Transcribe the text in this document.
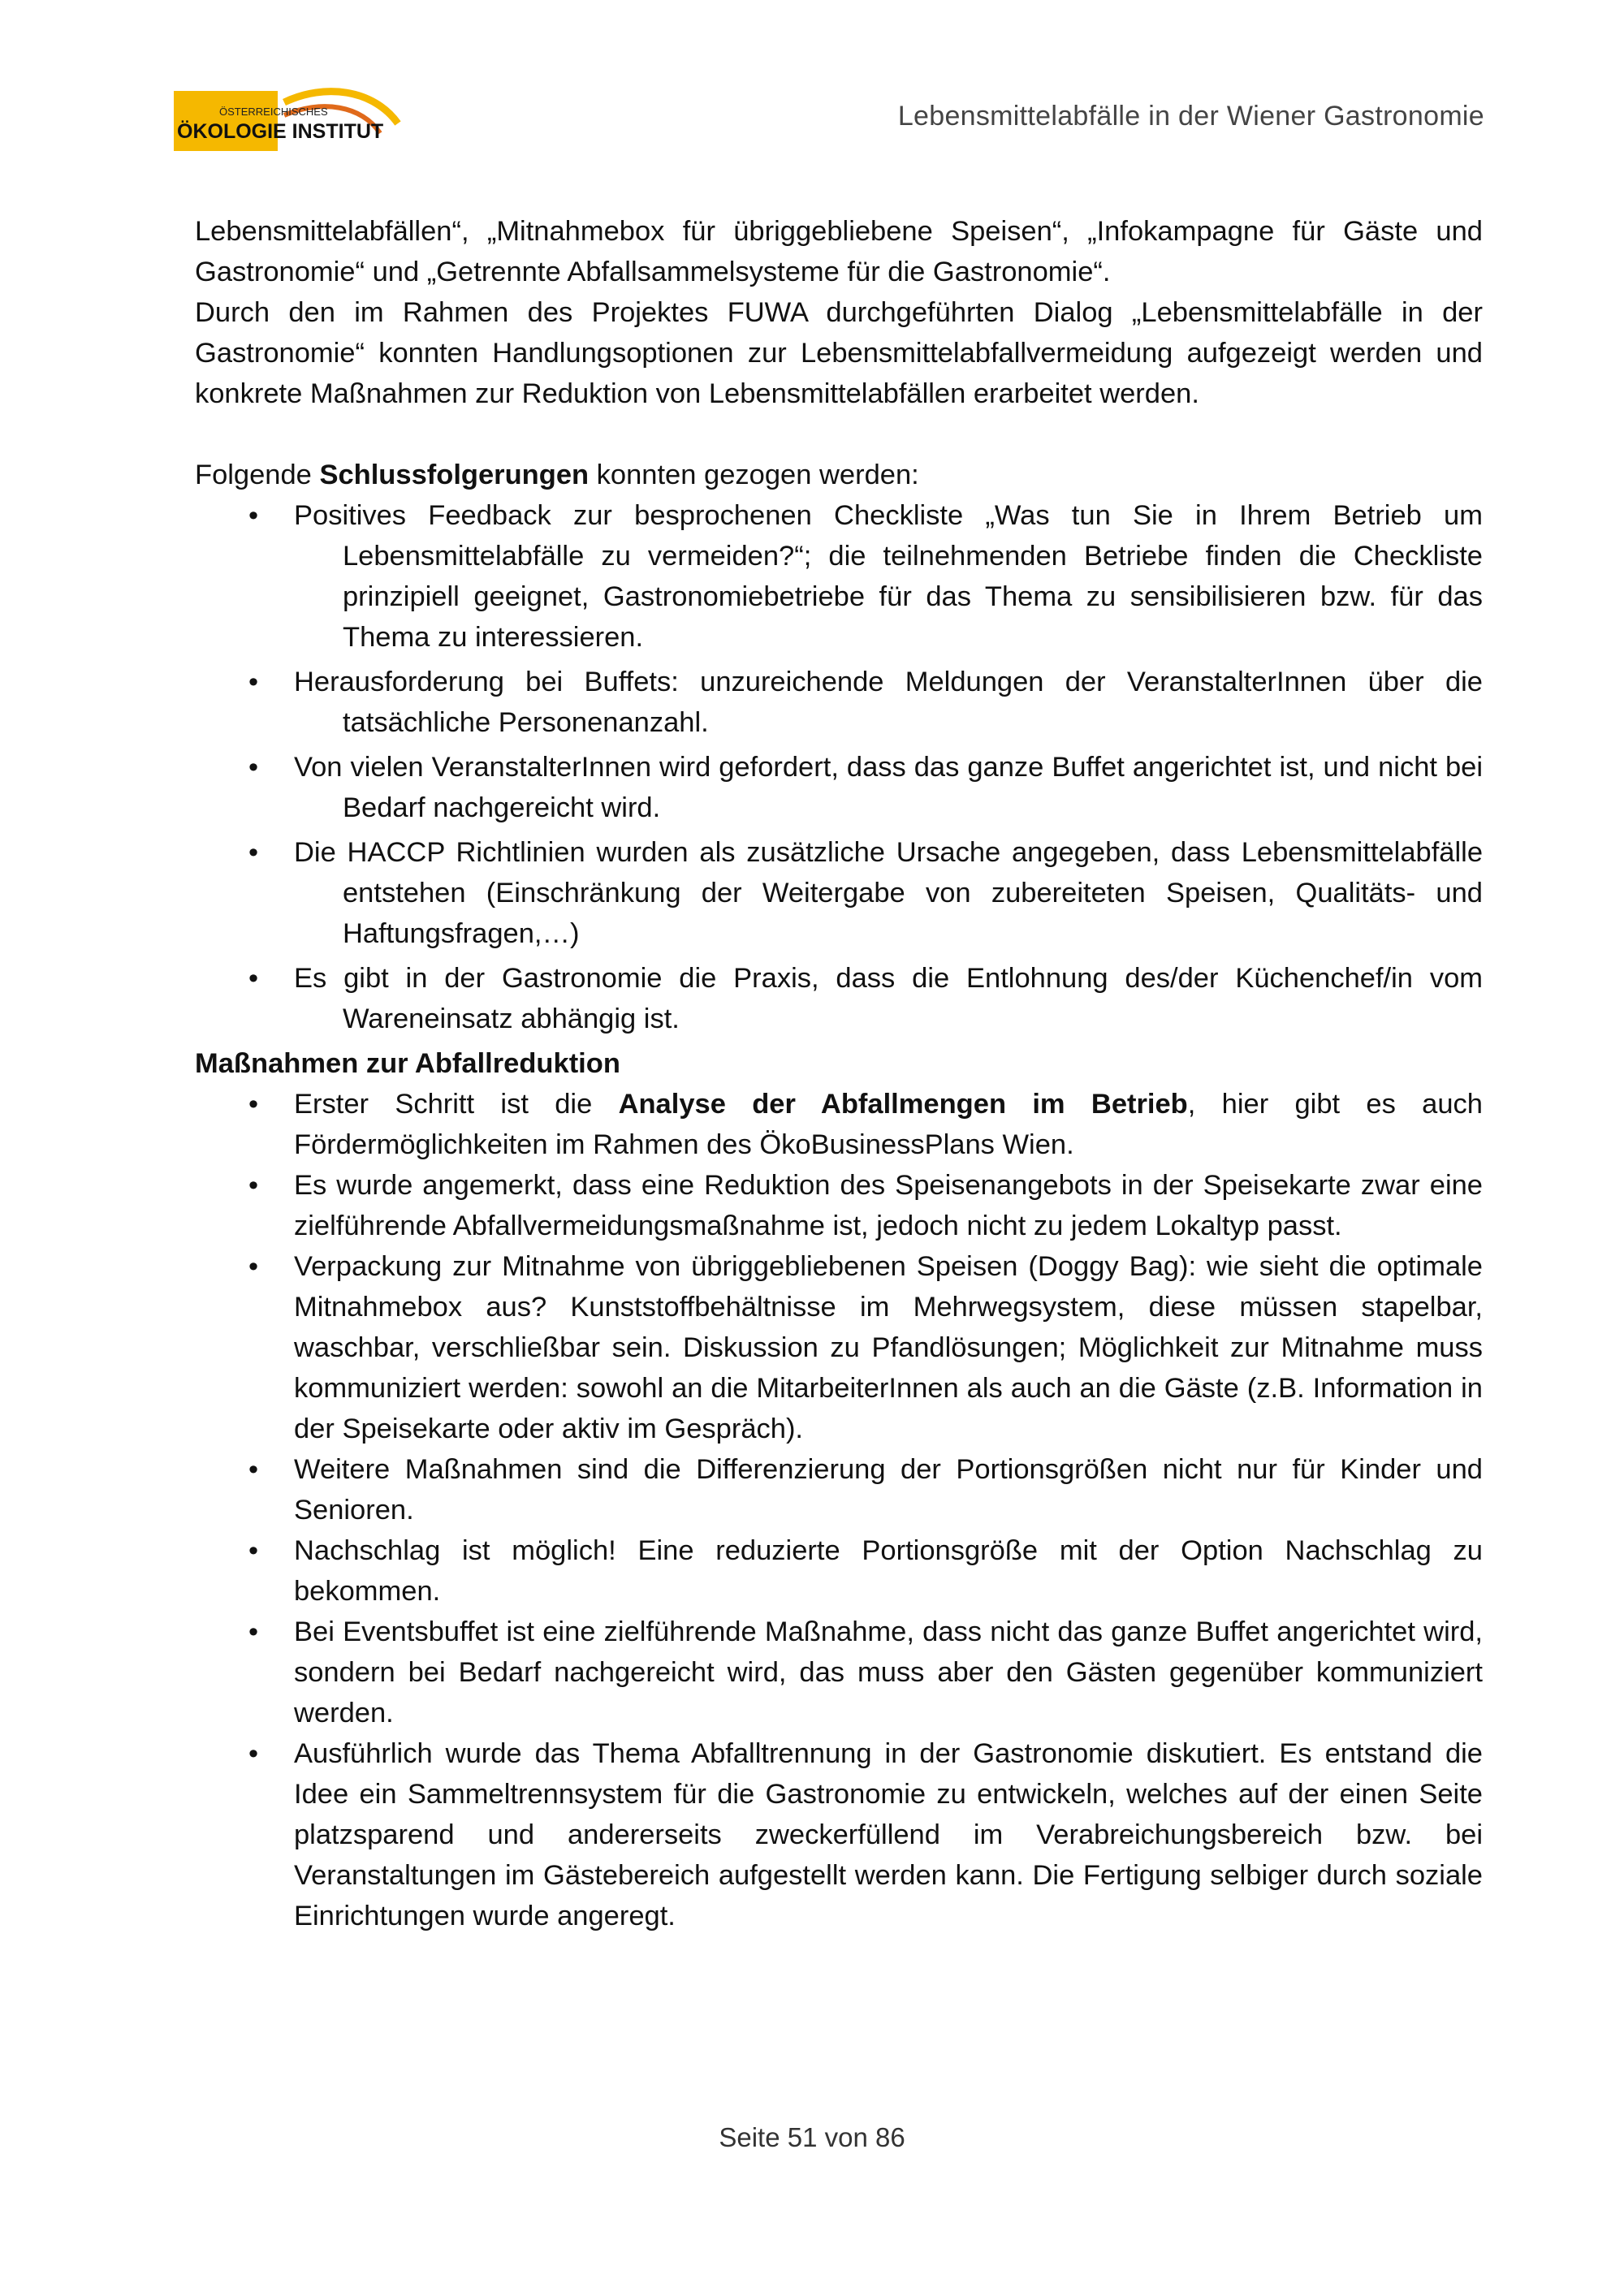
ÖSTERREICHISCHES
ÖKOLOGIE INSTITUT	Lebensmittelabfälle in der Wiener Gastronomie

Lebensmittelabfällen“, „Mitnahmebox für übriggebliebene Speisen“, „Infokampagne für Gäste und Gastronomie“ und „Getrennte Abfallsammelsysteme für die Gastronomie“.

Durch den im Rahmen des Projektes FUWA durchgeführten Dialog „Lebensmittelabfälle in der Gastronomie“ konnten Handlungsoptionen zur Lebensmittelabfallvermeidung aufgezeigt werden und konkrete Maßnahmen zur Reduktion von Lebensmittelabfällen erarbeitet werden.

Folgende Schlussfolgerungen konnten gezogen werden:

• Positives Feedback zur besprochenen Checkliste „Was tun Sie in Ihrem Betrieb um Lebensmittelabfälle zu vermeiden?“; die teilnehmenden Betriebe finden die Checkliste prinzipiell geeignet, Gastronomiebetriebe für das Thema zu sensibilisieren bzw. für das Thema zu interessieren.
• Herausforderung bei Buffets: unzureichende Meldungen der VeranstalterInnen über die tatsächliche Personenanzahl.
• Von vielen VeranstalterInnen wird gefordert, dass das ganze Buffet angerichtet ist, und nicht bei Bedarf nachgereicht wird.
• Die HACCP Richtlinien wurden als zusätzliche Ursache angegeben, dass Lebensmittelabfälle entstehen (Einschränkung der Weitergabe von zubereiteten Speisen, Qualitäts- und Haftungsfragen,…)
• Es gibt in der Gastronomie die Praxis, dass die Entlohnung des/der Küchenchef/in vom Wareneinsatz abhängig ist.

Maßnahmen zur Abfallreduktion

• Erster Schritt ist die Analyse der Abfallmengen im Betrieb, hier gibt es auch Fördermöglichkeiten im Rahmen des ÖkoBusinessPlans Wien.
• Es wurde angemerkt, dass eine Reduktion des Speisenangebots in der Speisekarte zwar eine zielführende Abfallvermeidungsmaßnahme ist, jedoch nicht zu jedem Lokaltyp passt.
• Verpackung zur Mitnahme von übriggebliebenen Speisen (Doggy Bag): wie sieht die optimale Mitnahmebox aus? Kunststoffbehältnisse im Mehrwegsystem, diese müssen stapelbar, waschbar, verschließbar sein. Diskussion zu Pfandlösungen; Möglichkeit zur Mitnahme muss kommuniziert werden: sowohl an die MitarbeiterInnen als auch an die Gäste (z.B. Information in der Speisekarte oder aktiv im Gespräch).
• Weitere Maßnahmen sind die Differenzierung der Portionsgrößen nicht nur für Kinder und Senioren.
• Nachschlag ist möglich! Eine reduzierte Portionsgröße mit der Option Nachschlag zu bekommen.
• Bei Eventsbuffet ist eine zielführende Maßnahme, dass nicht das ganze Buffet angerichtet wird, sondern bei Bedarf nachgereicht wird, das muss aber den Gästen gegenüber kommuniziert werden.
• Ausführlich wurde das Thema Abfalltrennung in der Gastronomie diskutiert. Es entstand die Idee ein Sammeltrennsystem für die Gastronomie zu entwickeln, welches auf der einen Seite platzsparend und andererseits zweckerfüllend im Verabreichungsbereich bzw. bei Veranstaltungen im Gästebereich aufgestellt werden kann. Die Fertigung selbiger durch soziale Einrichtungen wurde angeregt.
Seite 51 von 86
